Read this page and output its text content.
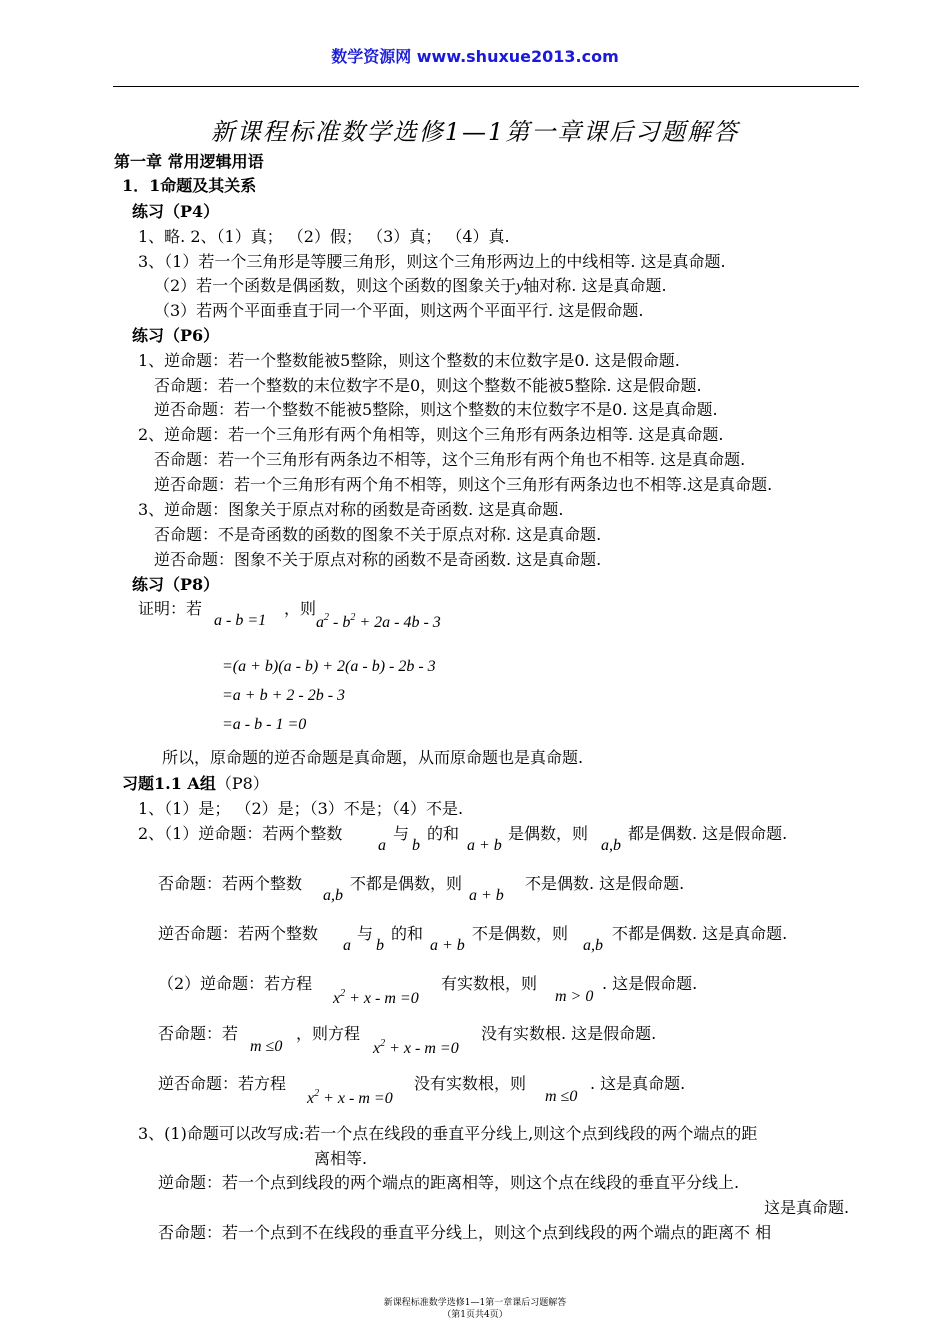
数学资源网 www.shuxue2013.com
新课程标准数学选修1—1第一章课后习题解答
第一章 常用逻辑用语
1．1命题及其关系
练习（P4）
1、略. 2、（1）真； （2）假； （3）真； （4）真.
3、（1）若一个三角形是等腰三角形，则这个三角形两边上的中线相等. 这是真命题.
（2）若一个函数是偶函数，则这个函数的图象关于y轴对称. 这是真命题.
（3）若两个平面垂直于同一个平面，则这两个平面平行. 这是假命题.
练习（P6）
1、逆命题：若一个整数能被5整除，则这个整数的末位数字是0. 这是假命题.
否命题：若一个整数的末位数字不是0，则这个整数不能被5整除. 这是假命题.
逆否命题：若一个整数不能被5整除，则这个整数的末位数字不是0. 这是真命题.
2、逆命题：若一个三角形有两个角相等，则这个三角形有两条边相等. 这是真命题.
否命题：若一个三角形有两条边不相等，这个三角形有两个角也不相等. 这是真命题.
逆否命题：若一个三角形有两个角不相等，则这个三角形有两条边也不相等.这是真命题.
3、逆命题：图象关于原点对称的函数是奇函数. 这是真命题.
否命题：不是奇函数的函数的图象不关于原点对称. 这是真命题.
逆否命题：图象不关于原点对称的函数不是奇函数. 这是真命题.
练习（P8）
证明：若
a - b =1
，则
$a^2 - b^2 + 2a - 4b - 3$
=(a + b)(a - b) + 2(a - b) - 2b - 3
=a + b + 2 - 2b - 3
=a - b - 1 =0
所以，原命题的逆否命题是真命题，从而原命题也是真命题.
习题1.1 A组（P8）
1、（1）是； （2）是；（3）不是；（4）不是.
2、（1）逆命题：若两个整数
a
与
b
的和
a + b
是偶数，则
a,b
都是偶数. 这是假命题.
否命题：若两个整数
a,b
不都是偶数，则
a + b
不是偶数. 这是假命题.
逆否命题：若两个整数
a
与
b
的和
a + b
不是偶数，则
a,b
不都是偶数. 这是真命题.
（2）逆命题：若方程
$x^2 + x - m =0$
有实数根，则
m > 0
. 这是假命题.
否命题：若
m ≤0
，则方程
$x^2 + x - m =0$
没有实数根. 这是假命题.
逆否命题：若方程
$x^2 + x - m =0$
没有实数根，则
m ≤0
. 这是真命题.
3、(1)命题可以改写成:若一个点在线段的垂直平分线上,则这个点到线段的两个端点的距
离相等.
逆命题：若一个点到线段的两个端点的距离相等，则这个点在线段的垂直平分线上.
这是真命题.
否命题：若一个点到不在线段的垂直平分线上，则这个点到线段的两个端点的距离不 相
新课程标准数学选修1—1第一章课后习题解答
（第1页共4页）
